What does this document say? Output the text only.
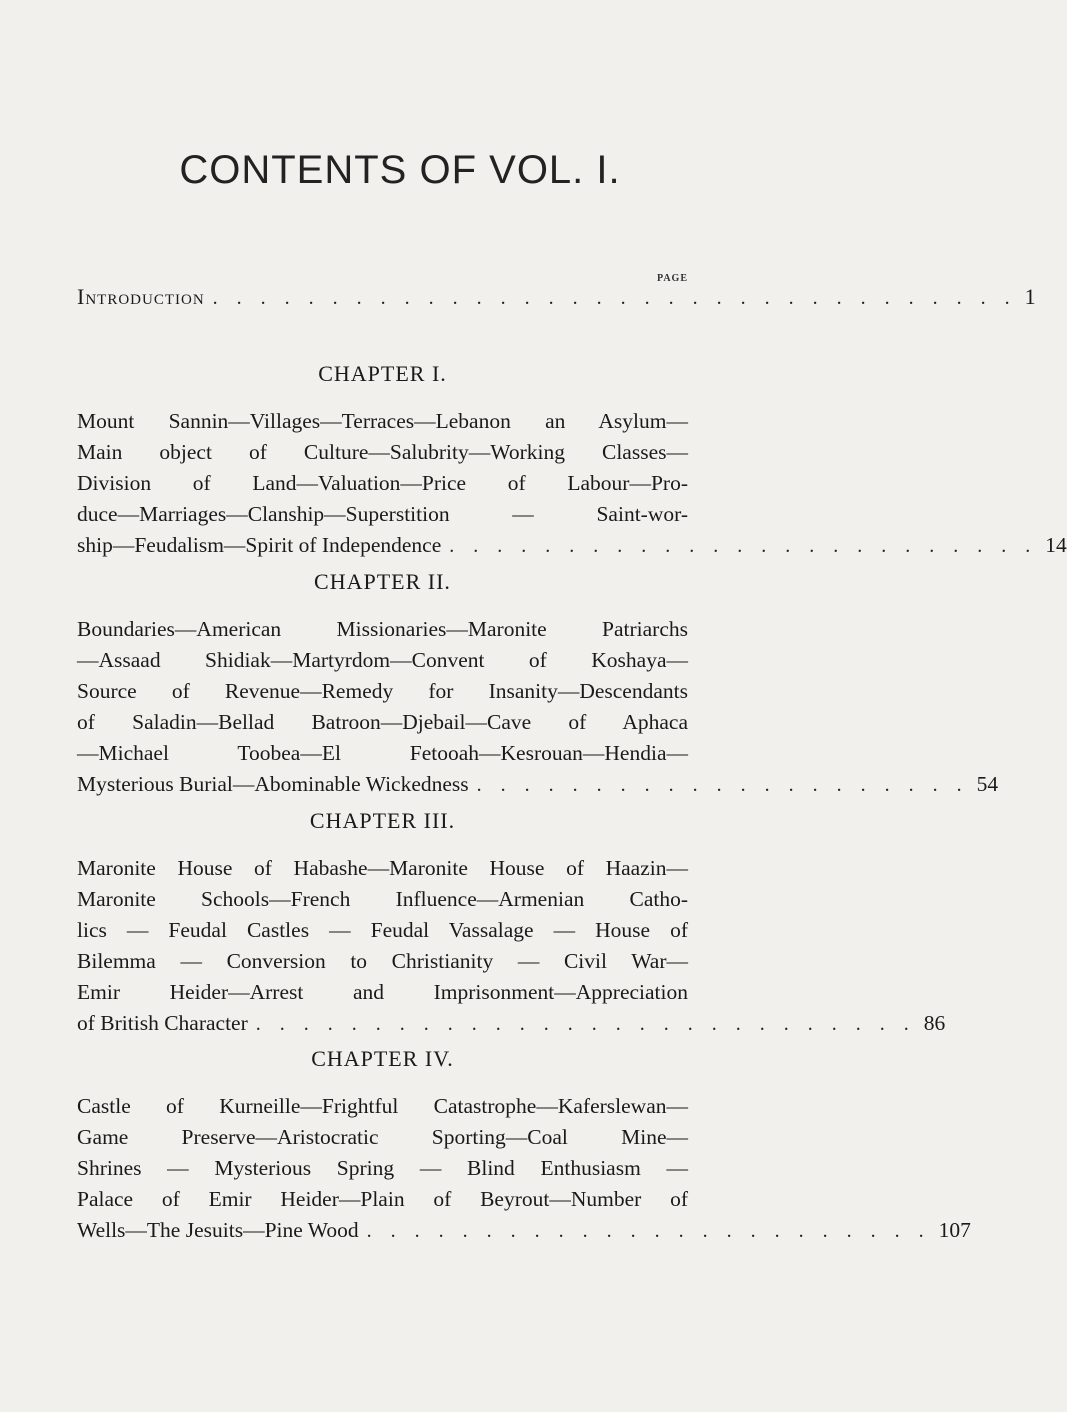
CONTENTS OF VOL. I.
PAGE
Introduction . . . . . . . . . . . . . . . . . . . . . . . . . . . . . . . . . . 1
CHAPTER I.
Mount Sannin—Villages—Terraces—Lebanon an Asylum—
Main object of Culture—Salubrity—Working Classes—
Division of Land—Valuation—Price of Labour—Pro-
duce—Marriages—Clanship—Superstition — Saint-wor-
ship—Feudalism—Spirit of Independence . . . . . . . . . . . . . . . . . . . . . . . . . 14
CHAPTER II.
Boundaries—American Missionaries—Maronite Patriarchs
—Assaad Shidiak—Martyrdom—Convent of Koshaya—
Source of Revenue—Remedy for Insanity—Descendants
of Saladin—Bellad Batroon—Djebail—Cave of Aphaca
—Michael Toobea—El Fetooah—Kesrouan—Hendia—
Mysterious Burial—Abominable Wickedness . . . . . . . . . . . . . . . . . . . . . 54
CHAPTER III.
Maronite House of Habashe—Maronite House of Haazin—
Maronite Schools—French Influence—Armenian Catho-
lics — Feudal Castles — Feudal Vassalage — House of
Bilemma — Conversion to Christianity — Civil War—
Emir Heider—Arrest and Imprisonment—Appreciation
of British Character . . . . . . . . . . . . . . . . . . . . . . . . . . . . 86
CHAPTER IV.
Castle of Kurneille—Frightful Catastrophe—Kaferslewan—
Game Preserve—Aristocratic Sporting—Coal Mine—
Shrines — Mysterious Spring — Blind Enthusiasm —
Palace of Emir Heider—Plain of Beyrout—Number of
Wells—The Jesuits—Pine Wood . . . . . . . . . . . . . . . . . . . . . . . . 107
